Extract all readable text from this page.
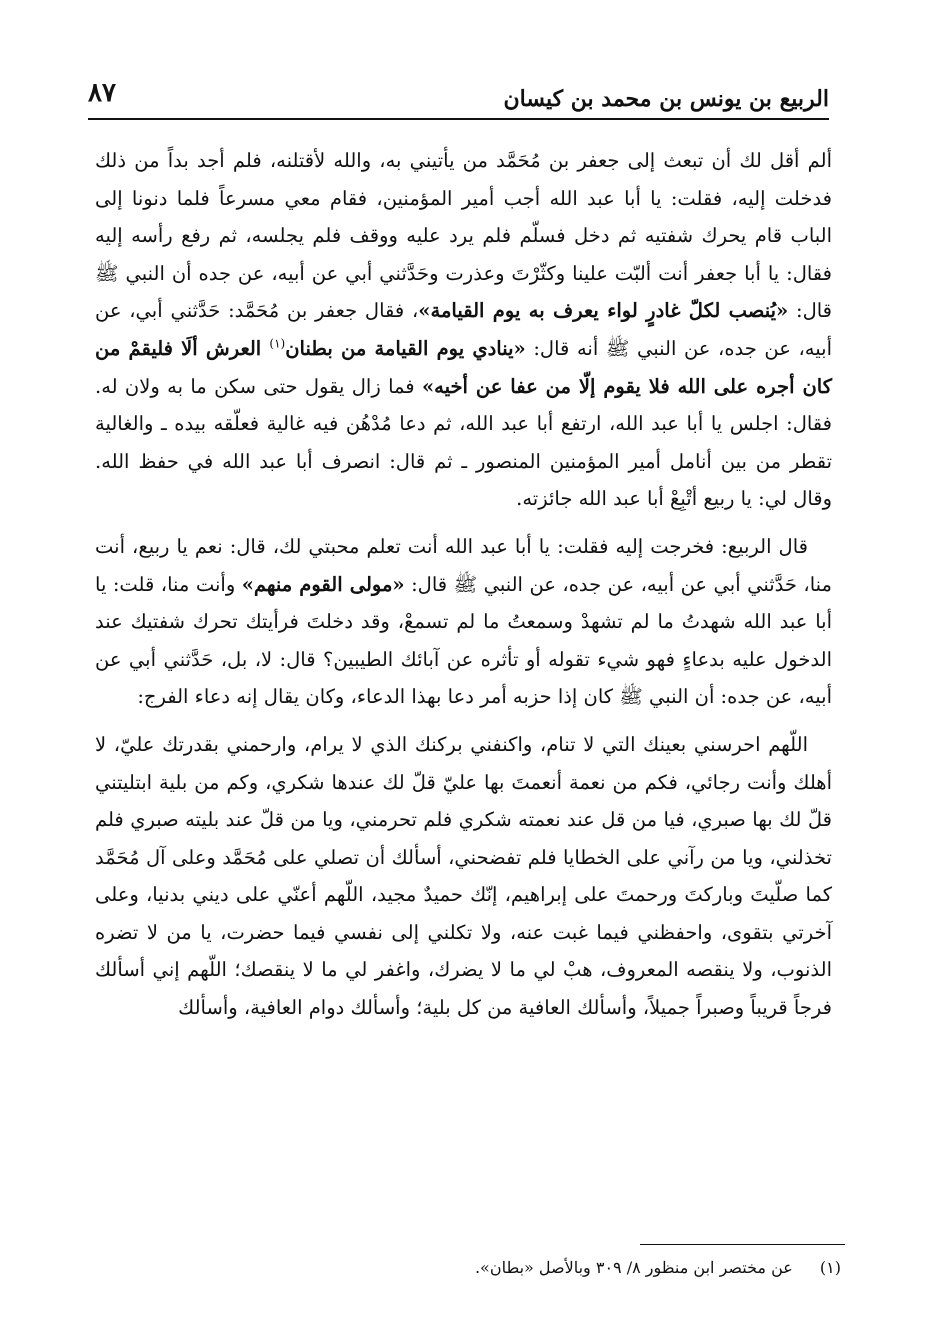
الربيع بن يونس بن محمد بن كيسان
٨٧

ألم أقل لك أن تبعث إلى جعفر بن مُحَمَّد من يأتيني به، والله لأقتلنه، فلم أجد بداً من ذلك فدخلت إليه، فقلت: يا أبا عبد الله أجب أمير المؤمنين، فقام معي مسرعاً فلما دنونا إلى الباب قام يحرك شفتيه ثم دخل فسلّم فلم يرد عليه ووقف فلم يجلسه، ثم رفع رأسه إليه فقال: يا أبا جعفر أنت ألبّت علينا وكثّرْتَ وعذرت وحَدَّثني أبي عن أبيه، عن جده أن النبي ﷺ قال: «يُنصب لكلّ غادرٍ لواء يعرف به يوم القيامة»، فقال جعفر بن مُحَمَّد: حَدَّثني أبي، عن أبيه، عن جده، عن النبي ﷺ أنه قال: «ينادي يوم القيامة من بطنان$^{(١)}$ العرش ألَا فليقمْ من كان أجره على الله فلا يقوم إلّا من عفا عن أخيه» فما زال يقول حتى سكن ما به ولان له. فقال: اجلس يا أبا عبد الله، ارتفع أبا عبد الله، ثم دعا مُدْهُن فيه غالية فعلّقه بيده ـ والغالية تقطر من بين أنامل أمير المؤمنين المنصور ـ ثم قال: انصرف أبا عبد الله في حفظ الله. وقال لي: يا ربيع أتْبِعْ أبا عبد الله جائزته.

قال الربيع: فخرجت إليه فقلت: يا أبا عبد الله أنت تعلم محبتي لك، قال: نعم يا ربيع، أنت منا، حَدَّثني أبي عن أبيه، عن جده، عن النبي ﷺ قال: «مولى القوم منهم» وأنت منا، قلت: يا أبا عبد الله شهدتُ ما لم تشهدْ وسمعتُ ما لم تسمعْ، وقد دخلتَ فرأيتك تحرك شفتيك عند الدخول عليه بدعاءٍ فهو شيء تقوله أو تأثره عن آبائك الطيبين؟ قال: لا، بل، حَدَّثني أبي عن أبيه، عن جده: أن النبي ﷺ كان إذا حزبه أمر دعا بهذا الدعاء، وكان يقال إنه دعاء الفرج:

اللّهم احرسني بعينك التي لا تنام، واكنفني بركنك الذي لا يرام، وارحمني بقدرتك عليّ، لا أهلك وأنت رجائي، فكم من نعمة أنعمتَ بها عليّ قلّ لك عندها شكري، وكم من بلية ابتليتني قلّ لك بها صبري، فيا من قل عند نعمته شكري فلم تحرمني، ويا من قلّ عند بليته صبري فلم تخذلني، ويا من رآني على الخطايا فلم تفضحني، أسألك أن تصلي على مُحَمَّد وعلى آل مُحَمَّد كما صلّيتَ وباركتَ ورحمتَ على إبراهيم، إنّك حميدٌ مجيد، اللّهم أعنّي على ديني بدنيا، وعلى آخرتي بتقوى، واحفظني فيما غبت عنه، ولا تكلني إلى نفسي فيما حضرت، يا من لا تضره الذنوب، ولا ينقصه المعروف، هبْ لي ما لا يضرك، واغفر لي ما لا ينقصك؛ اللّهم إني أسألك فرجاً قريباً وصبراً جميلاً، وأسألك العافية من كل بلية؛ وأسألك دوام العافية، وأسألك

(١) عن مختصر ابن منظور ٨/ ٣٠٩ وبالأصل «بطان».
